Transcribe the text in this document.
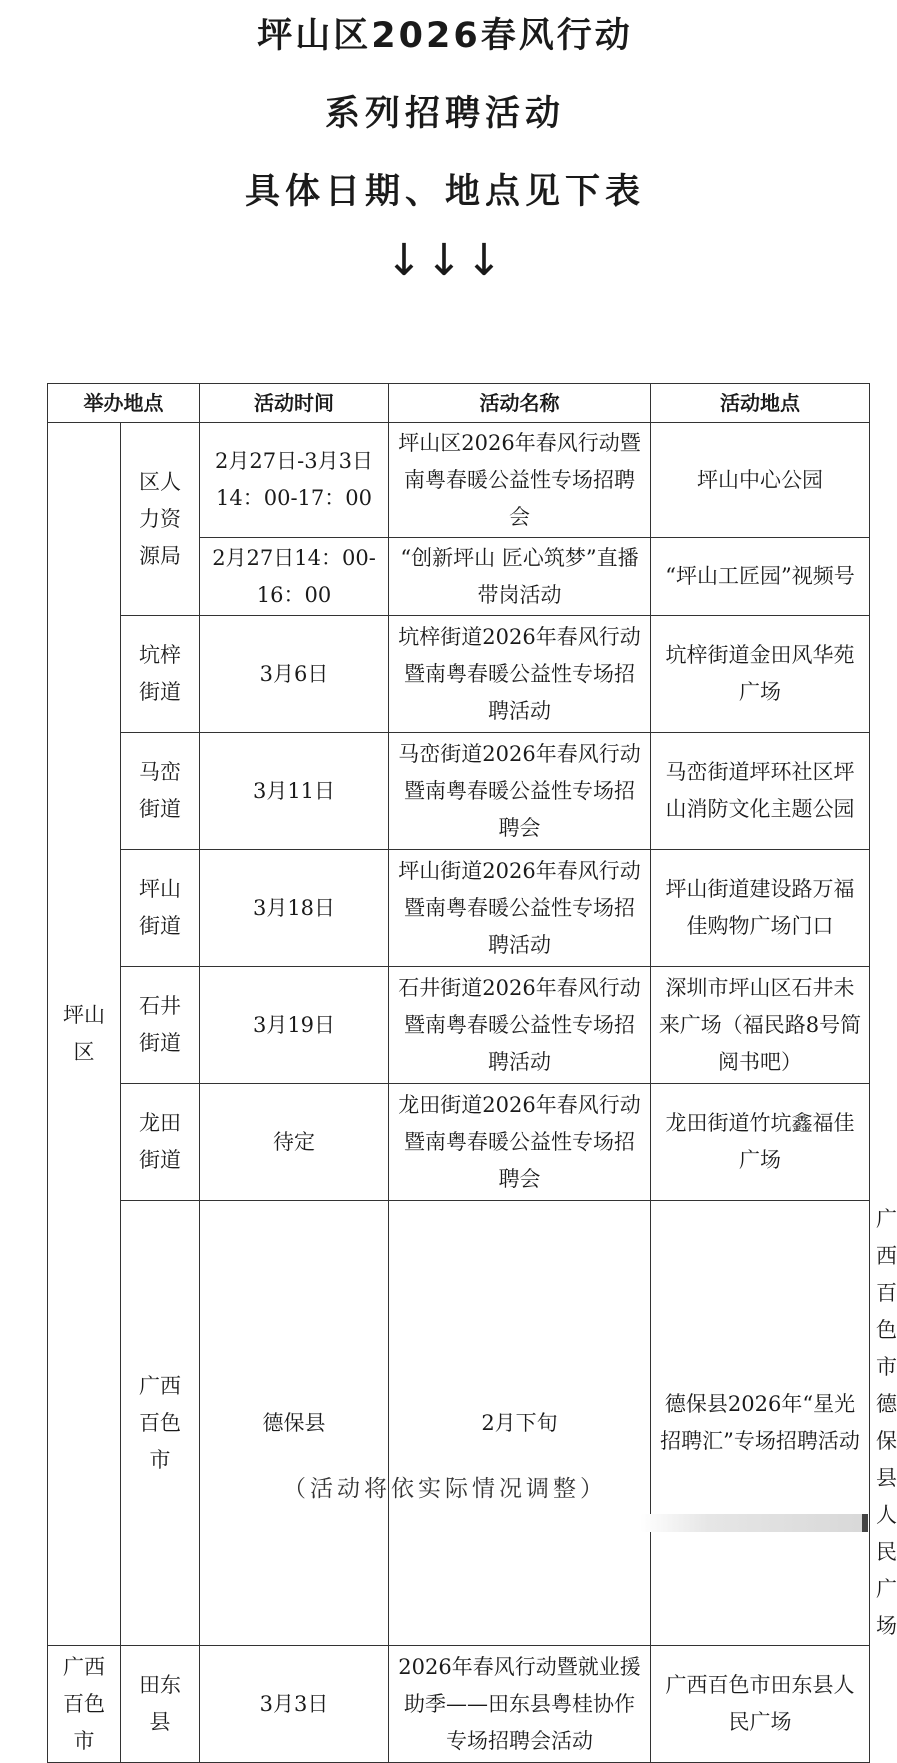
坪山区2026春风行动
系列招聘活动
具体日期、地点见下表
↓↓↓
举办地点		活动时间	活动名称	活动地点	
坪山区	区人力资源局	2月27日-3月3日 14：00-17：00	坪山区2026年春风行动暨南粤春暖公益性专场招聘会	坪山中心公园	
		2月27日14：00-16：00	“创新坪山 匠心筑梦”直播带岗活动	“坪山工匠园”视频号	
	坑梓街道	3月6日	坑梓街道2026年春风行动暨南粤春暖公益性专场招聘活动	坑梓街道金田风华苑广场	
	马峦街道	3月11日	马峦街道2026年春风行动暨南粤春暖公益性专场招聘会	马峦街道坪环社区坪山消防文化主题公园	
	坪山街道	3月18日	坪山街道2026年春风行动暨南粤春暖公益性专场招聘活动	坪山街道建设路万福佳购物广场门口	
	石井街道	3月19日	石井街道2026年春风行动暨南粤春暖公益性专场招聘活动	深圳市坪山区石井未来广场（福民路8号简阅书吧）	
	龙田街道	待定	龙田街道2026年春风行动暨南粤春暖公益性专场招聘会	龙田街道竹坑鑫福佳广场	
	广西百色市	德保县	2月下旬	德保县2026年“星光招聘汇”专场招聘活动	广西百色市德保县人民广场
广西百色市	田东县	3月3日	2026年春风行动暨就业援助季——田东县粤桂协作专场招聘会活动	广西百色市田东县人民广场	
（活动将依实际情况调整）
